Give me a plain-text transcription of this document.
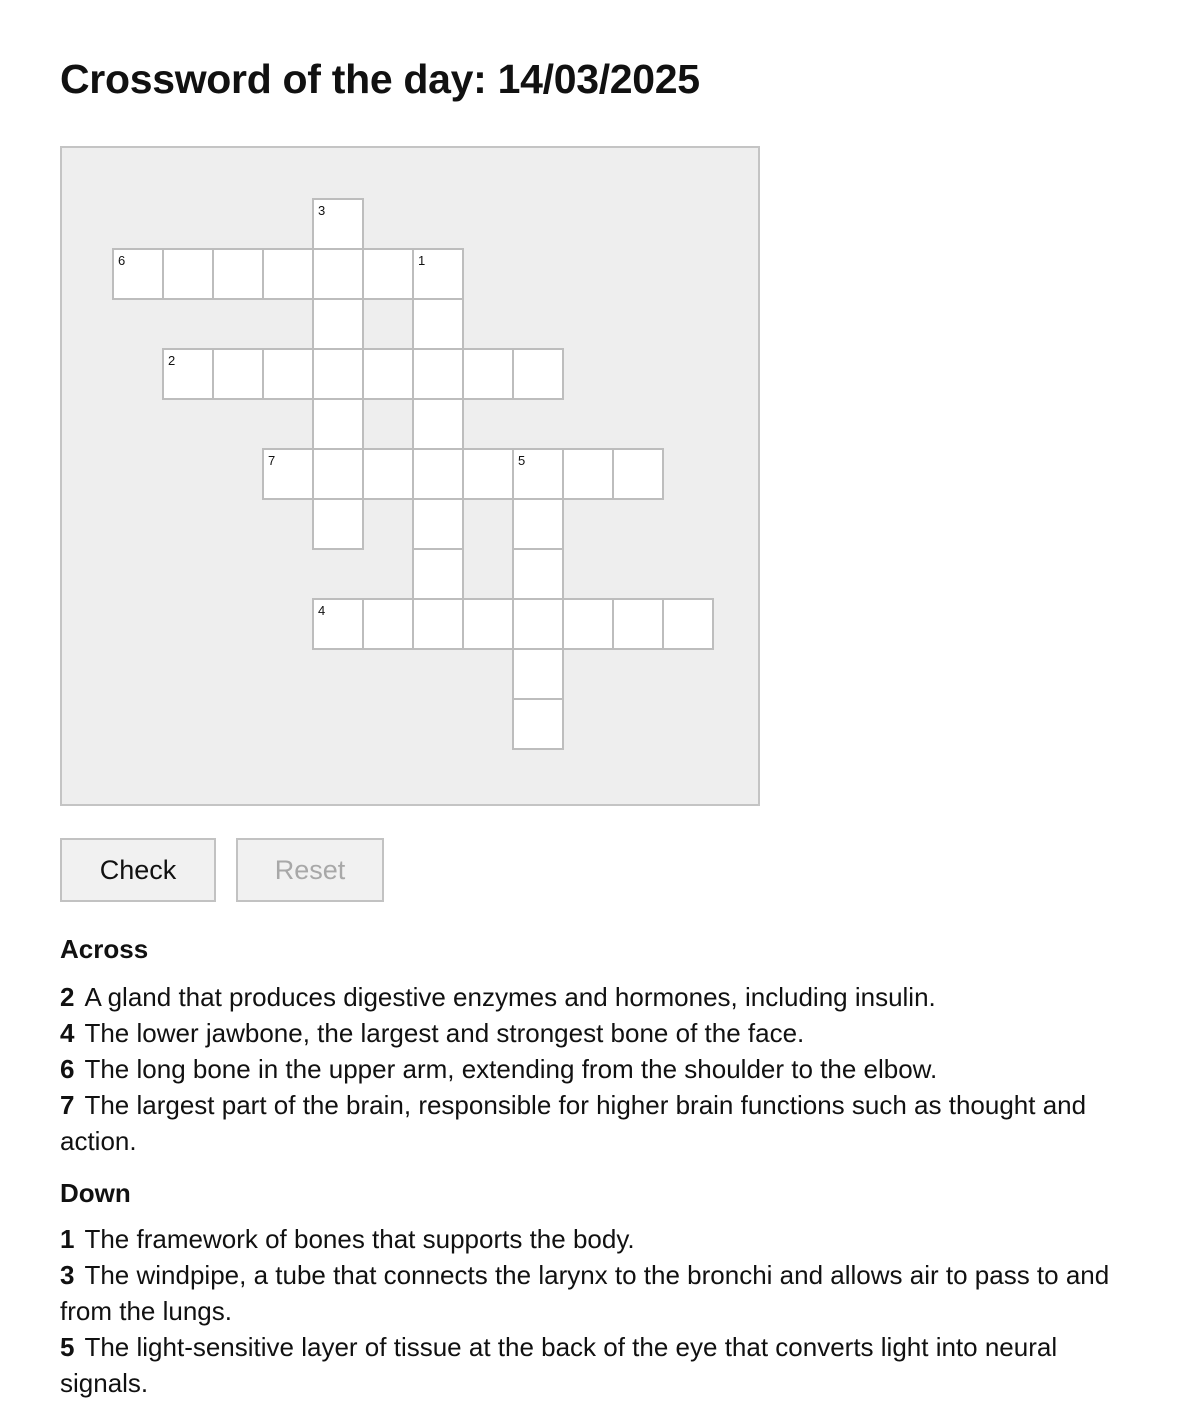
Crossword of the day: 14/03/2025
3
6	1
2
7	5
4
Check	Reset
Across
2 A gland that produces digestive enzymes and hormones, including insulin.
4 The lower jawbone, the largest and strongest bone of the face.
6 The long bone in the upper arm, extending from the shoulder to the elbow.
7 The largest part of the brain, responsible for higher brain functions such as thought and action.
Down
1 The framework of bones that supports the body.
3 The windpipe, a tube that connects the larynx to the bronchi and allows air to pass to and from the lungs.
5 The light-sensitive layer of tissue at the back of the eye that converts light into neural signals.
